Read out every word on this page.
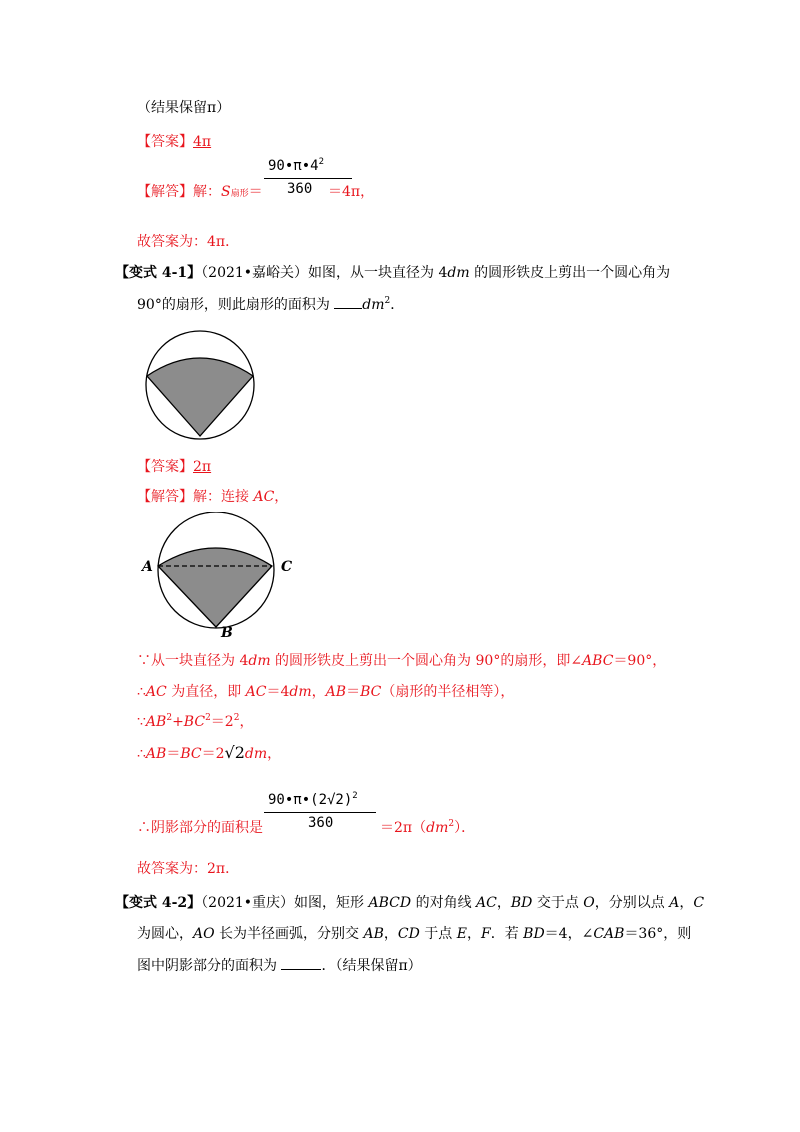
（结果保留π）
【答案】4π
【解答】解：S扇形＝
$90•\pi•4^2$
360 ＝4π，
故答案为：4π．
【变式 4-1】（2021•嘉峪关）如图，从一块直径为 4dm 的圆形铁皮上剪出一个圆心角为
90°的扇形，则此扇形的面积为 $dm^2$．
【答案】2π
【解答】解：连接 AC，
A	C
B
∵从一块直径为 4dm 的圆形铁皮上剪出一个圆心角为 90°的扇形，即∠ABC＝90°，
∴AC 为直径，即 AC＝4dm，AB＝BC（扇形的半径相等），
$\because AB^2+BC^2=2^2$，
∴AB＝BC＝2√2dm，
$90•\pi•(2√2)^2$
360
∴阴影部分的面积是	$=2\pi(dm^2)$．
故答案为：2π．
【变式 4-2】（2021•重庆）如图，矩形 ABCD 的对角线 AC，BD 交于点 O，分别以点 A，C
为圆心，AO 长为半径画弧，分别交 AB，CD 于点 E，F．若 BD＝4，∠CAB＝36°，则
图中阴影部分的面积为	．（结果保留π）
